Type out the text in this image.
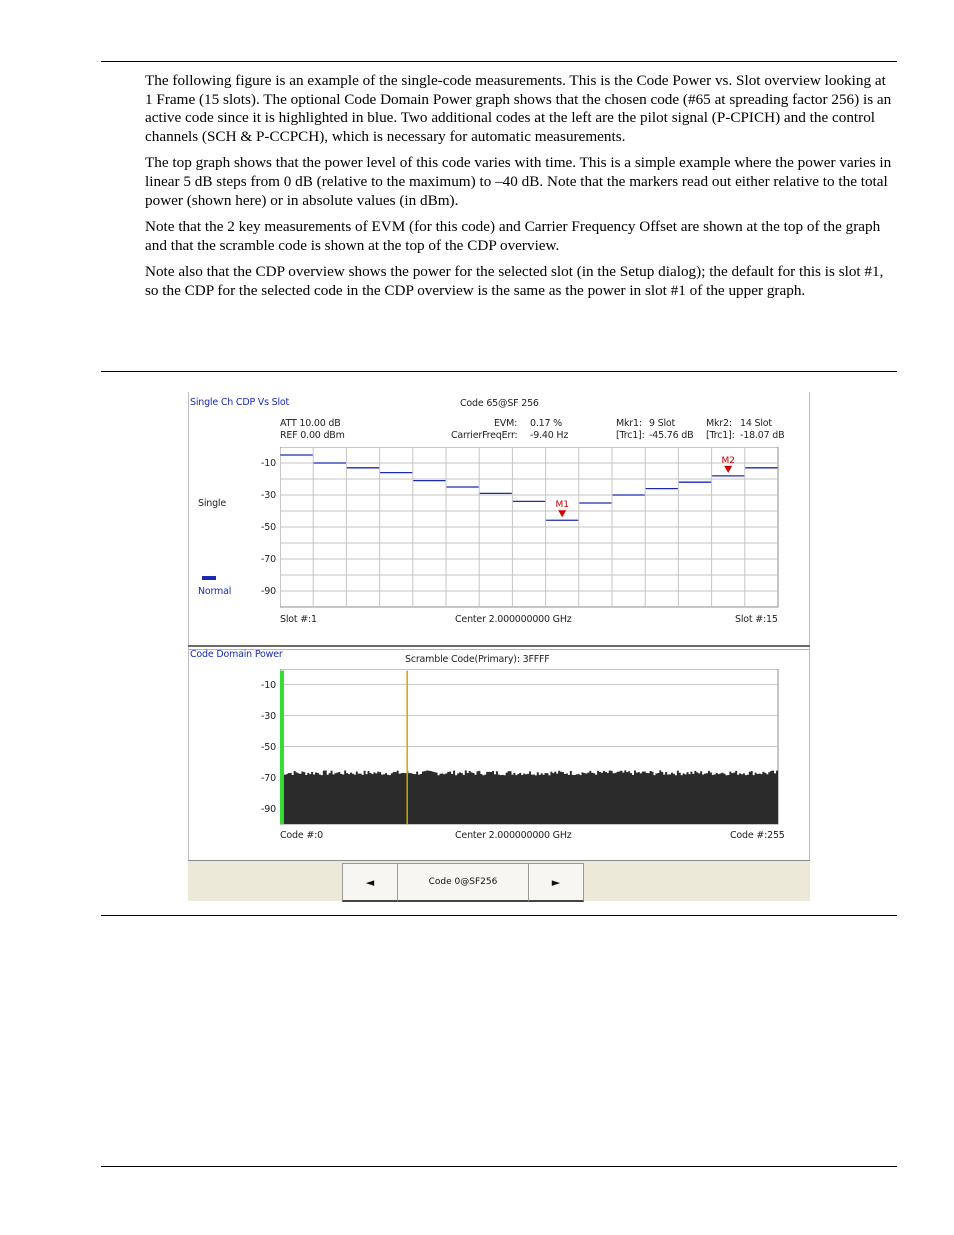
The following figure is an example of the single-code measurements. This is the Code Power vs. Slot overview looking at 1 Frame (15 slots). The optional Code Domain Power graph shows that the chosen code (#65 at spreading factor 256) is an active code since it is highlighted in blue. Two additional codes at the left are the pilot signal (P-CPICH) and the control channels (SCH & P-CCPCH), which is necessary for automatic measurements.

The top graph shows that the power level of this code varies with time. This is a simple example where the power varies in linear 5 dB steps from 0 dB (relative to the maximum) to –40 dB. Note that the markers read out either relative to the total power (shown here) or in absolute values (in dBm).

Note that the 2 key measurements of EVM (for this code) and Carrier Frequency Offset are shown at the top of the graph and that the scramble code is shown at the top of the CDP overview.

Note also that the CDP overview shows the power for the selected slot (in the Setup dialog); the default for this is slot #1, so the CDP for the selected code in the CDP overview is the same as the power in slot #1 of the upper graph.

Single Ch CDP Vs Slot	Code 65@SF 256
ATT 10.00 dB
REF 0.00 dBm
EVM: 0.17 %
CarrierFreqErr: -9.40 Hz
Mkr1: 9 Slot
[Trc1]: -45.76 dB
Mkr2: 14 Slot
[Trc1]: -18.07 dB
Single
Normal
-10
-30
-50
-70
-90
M1
M2
Slot #:1	Center 2.000000000 GHz	Slot #:15
Code Domain Power	Scramble Code(Primary): 3FFFF
-10
-30
-50
-70
-90
Code #:0	Center 2.000000000 GHz	Code #:255
◄	Code 0@SF256	►
